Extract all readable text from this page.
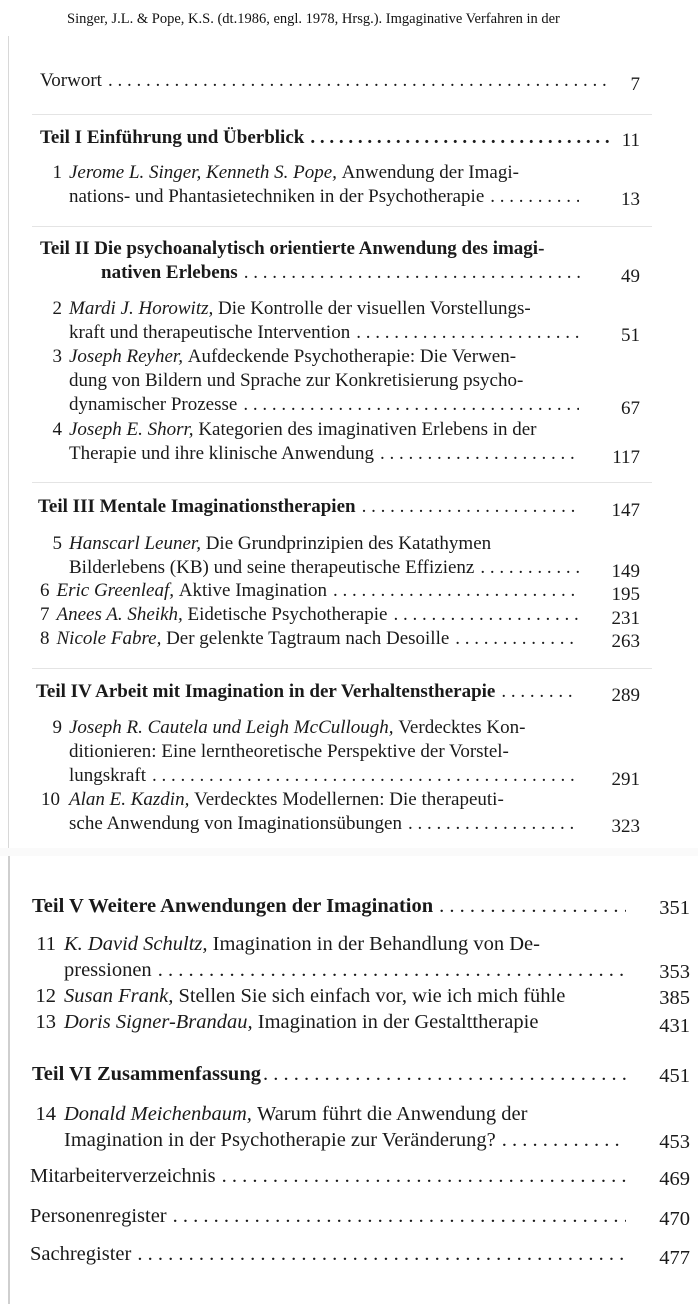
Singer, J.L. & Pope, K.S. (dt.1986, engl. 1978, Hrsg.). Imgaginative Verfahren in der
Vorwort . . .	7
Teil I Einführung und Überblick . . .	11
1 Jerome L. Singer, Kenneth S. Pope,
Anwendung der Imagi-
nations- und Phantasietechniken in der Psychotherapie . . .	13
Teil II Die psychoanalytisch orientierte Anwendung des imagi-
nativen Erlebens . . .	49
2 Mardi J. Horowitz,
Die Kontrolle der visuellen Vorstellungs-
kraft und therapeutische Intervention . . .	51
3 Joseph Reyher,
Aufdeckende Psychotherapie: Die Verwen-
dung von Bildern und Sprache zur Konkretisierung psycho-
dynamischer Prozesse . . .	67
4 Joseph E. Shorr,
Kategorien des imaginativen Erlebens in der
Therapie und ihre klinische Anwendung . . .	117
Teil III Mentale Imaginationstherapien . . .	147
5 Hanscarl Leuner,
Die Grundprinzipien des Katathymen
Bilderlebens (KB) und seine therapeutische Effizienz . . .	149
6 Eric Greenleaf,
Aktive Imagination . . .	195
7 Anees A. Sheikh,
Eidetische Psychotherapie . . .	231
8 Nicole Fabre,
Der gelenkte Tagtraum nach Desoille . . .	263
Teil IV Arbeit mit Imagination in der Verhaltenstherapie . . .	289
9 Joseph R. Cautela und Leigh McCullough,
Verdecktes Kon-
ditionieren: Eine lerntheoretische Perspektive der Vorstel-
lungskraft . . .	291
10 Alan E. Kazdin,
Verdecktes Modellernen: Die therapeuti-
sche Anwendung von Imaginationsübungen . . .	323
Teil V Weitere Anwendungen der Imagination . . .	351
11 K. David Schultz,
Imagination in der Behandlung von De-
pressionen . . .	353
12 Susan Frank,
Stellen Sie sich einfach vor, wie ich mich fühle	385
13 Doris Signer-Brandau,
Imagination in der Gestalttherapie	431
Teil VI Zusammenfassung . . .	451
14 Donald Meichenbaum,
Warum führt die Anwendung der
Imagination in der Psychotherapie zur Veränderung? . . .	453
Mitarbeiterverzeichnis . . .	469
Personenregister . . .	470
Sachregister . . .	477
